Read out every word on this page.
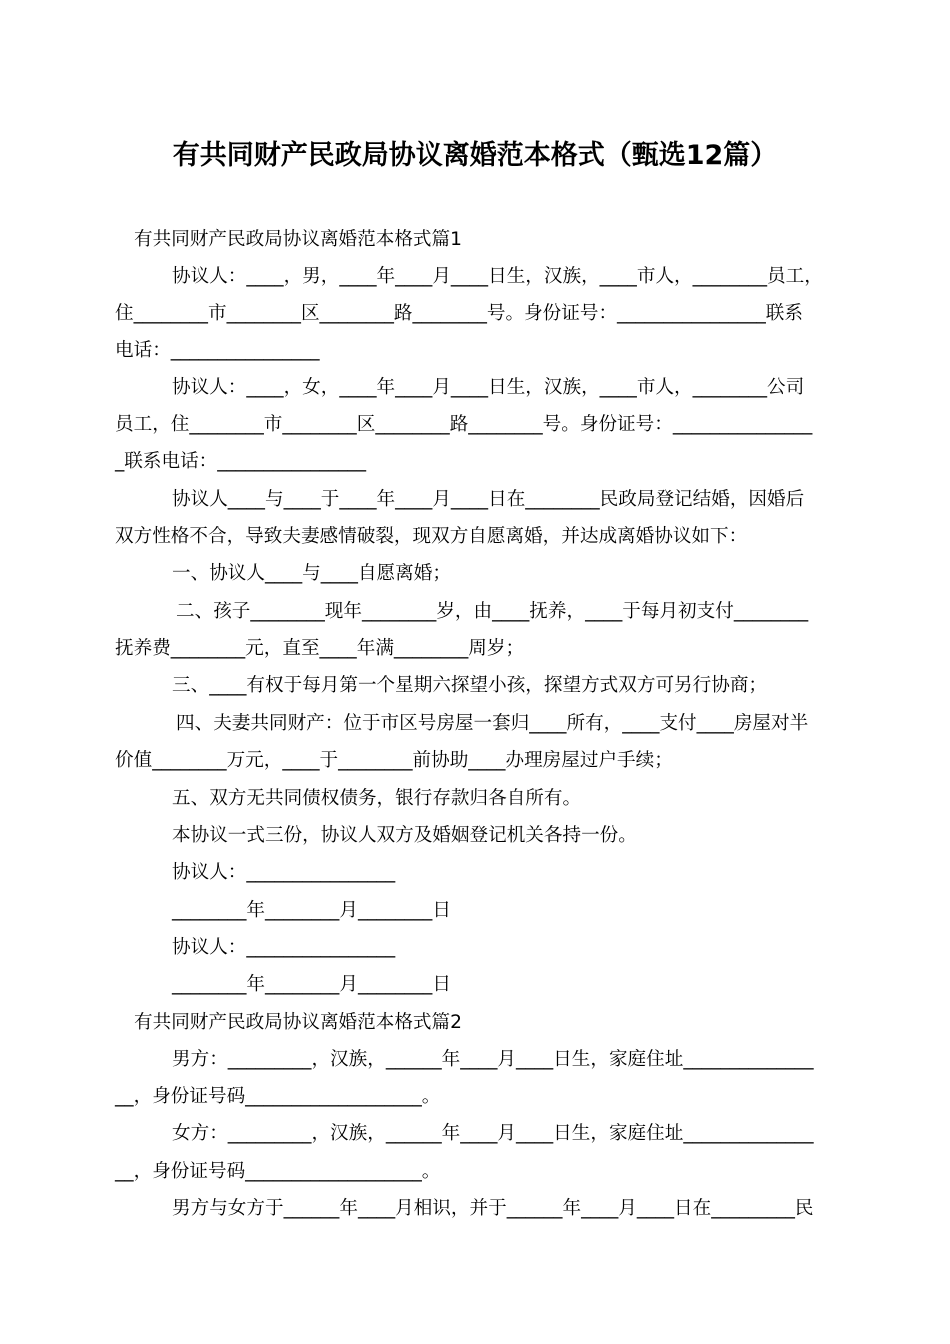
有共同财产民政局协议离婚范本格式（甄选12篇）
有共同财产民政局协议离婚范本格式篇1
协议人：____，男，____年____月____日生，汉族，____市人，________员工，
住________市________区________路________号。身份证号：________________联系
电话：________________
协议人：____，女，____年____月____日生，汉族，____市人，________公司
员工，住________市________区________路________号。身份证号：_______________
_联系电话：________________
协议人____与____于____年____月____日在________民政局登记结婚，因婚后
双方性格不合，导致夫妻感情破裂，现双方自愿离婚，并达成离婚协议如下：
一、协议人____与____自愿离婚；
二、孩子________现年________岁，由____抚养，____于每月初支付________
抚养费________元，直至____年满________周岁；
三、____有权于每月第一个星期六探望小孩，探望方式双方可另行协商；
四、夫妻共同财产：位于市区号房屋一套归____所有，____支付____房屋对半
价值________万元，____于________前协助____办理房屋过户手续；
五、双方无共同债权债务，银行存款归各自所有。
本协议一式三份，协议人双方及婚姻登记机关各持一份。
协议人：________________
________年________月________日
协议人：________________
________年________月________日
有共同财产民政局协议离婚范本格式篇2
男方：_________，汉族，______年____月____日生，家庭住址______________
__，身份证号码___________________。
女方：_________，汉族，______年____月____日生，家庭住址______________
__，身份证号码___________________。
男方与女方于______年____月相识，并于______年____月____日在_________民
